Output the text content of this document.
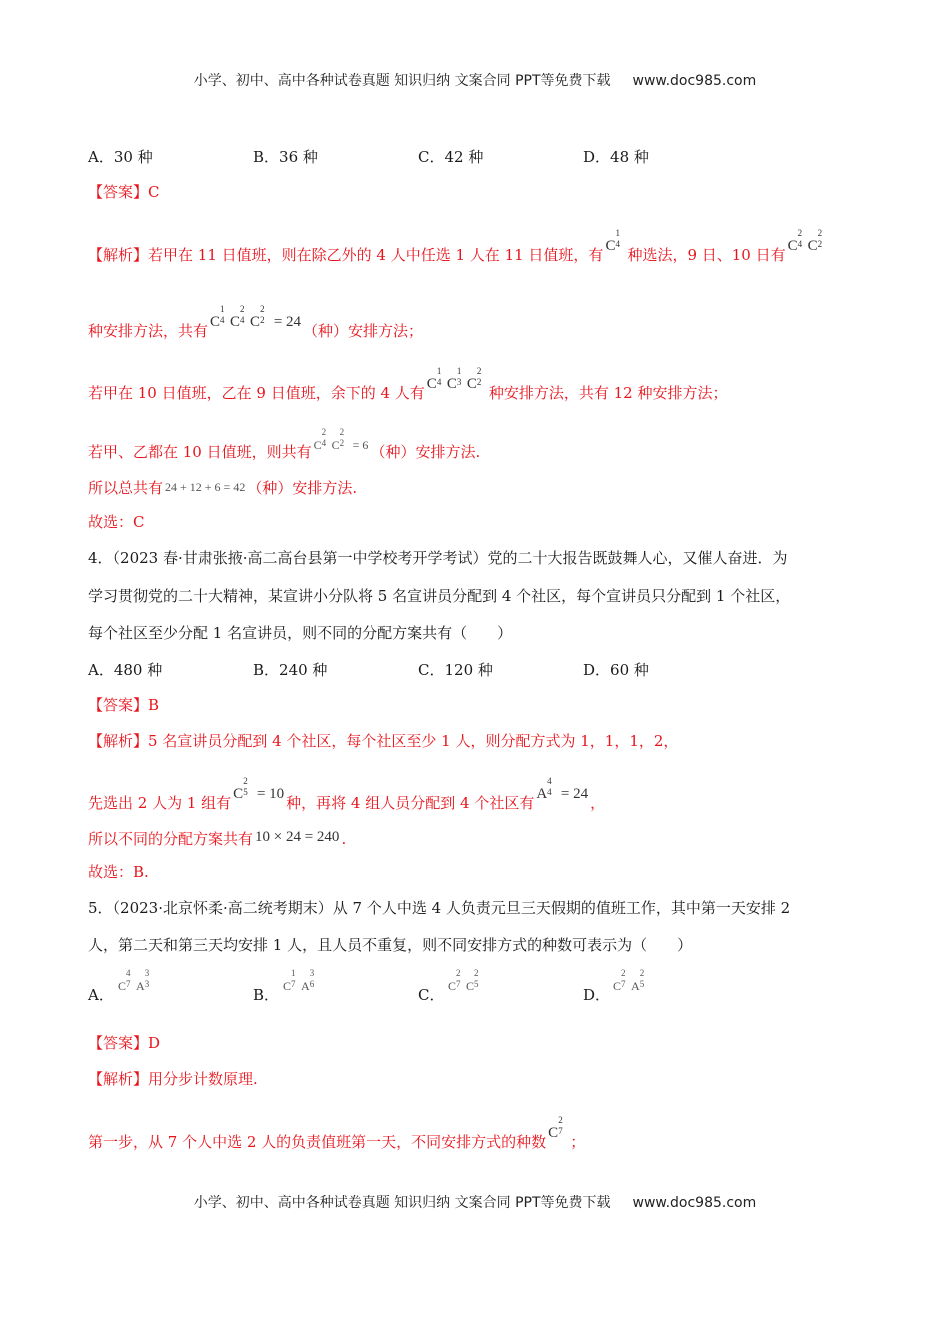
小学、初中、高中各种试卷真题 知识归纳 文案合同 PPT等免费下载 www.doc985.com
A．30 种	B．36 种	C．42 种	D．48 种
【答案】C
【解析】若甲在 11 日值班，则在除乙外的 4 人中任选 1 人在 11 日值班，有 C
1
4
种选法，9 日、10 日有 C
2
4 C
2
2
种安排方法，共有 C
1
4 C
2
4 C
2
2 = 24 （种）安排方法；
若甲在 10 日值班，乙在 9 日值班，余下的 4 人有 C
1
4 C
1
3 C
2
2
种安排方法，共有 12 种安排方法；
若甲、乙都在 10 日值班，则共有 C
2
4 C
2
2 = 6 （种）安排方法.
所以总共有 24 + 12 + 6 = 42 （种）安排方法.
故选：C
4．（2023 春·甘肃张掖·高二高台县第一中学校考开学考试）党的二十大报告既鼓舞人心，又催人奋进．为
学习贯彻党的二十大精神，某宣讲小分队将 5 名宣讲员分配到 4 个社区，每个宣讲员只分配到 1 个社区，
每个社区至少分配 1 名宣讲员，则不同的分配方案共有（　　）
A．480 种	B．240 种	C．120 种	D．60 种
【答案】B
【解析】5 名宣讲员分配到 4 个社区，每个社区至少 1 人，则分配方式为 1，1，1，2，
先选出 2 人为 1 组有 C
2
5 = 10 种，再将 4 组人员分配到 4 个社区有 A
4
4 = 24 ，
所以不同的分配方案共有 10 × 24 = 240 .
故选：B.
5．（2023·北京怀柔·高二统考期末）从 7 个人中选 4 人负责元旦三天假期的值班工作，其中第一天安排 2
人，第二天和第三天均安排 1 人，且人员不重复，则不同安排方式的种数可表示为（　　）
A． C
4
7 A
3
3
B． C
1
7 A
3
6
C． C
2
7 C
2
5
D． C
2
7 A
2
5
【答案】D
【解析】用分步计数原理.
第一步，从 7 个人中选 2 人的负责值班第一天，不同安排方式的种数 C
2
7
；
小学、初中、高中各种试卷真题 知识归纳 文案合同 PPT等免费下载 www.doc985.com
